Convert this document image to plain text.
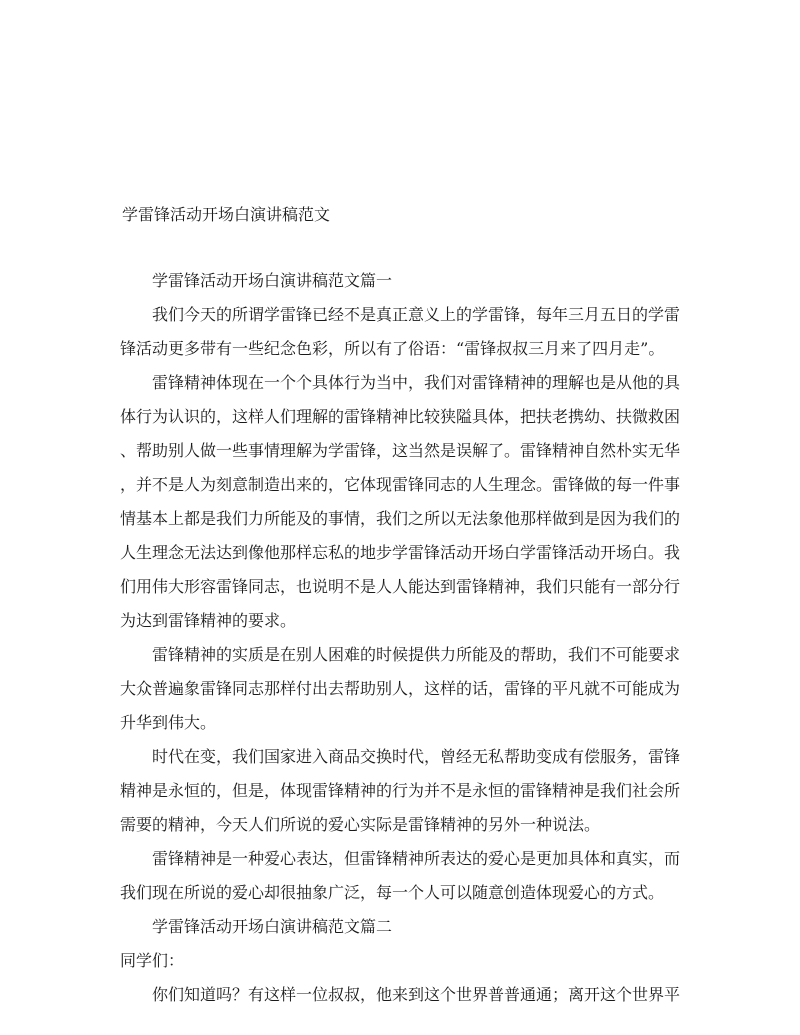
学雷锋活动开场白演讲稿范文
学雷锋活动开场白演讲稿范文篇一
我们今天的所谓学雷锋已经不是真正意义上的学雷锋，每年三月五日的学雷
锋活动更多带有一些纪念色彩，所以有了俗语：“雷锋叔叔三月来了四月走”。
雷锋精神体现在一个个具体行为当中，我们对雷锋精神的理解也是从他的具
体行为认识的，这样人们理解的雷锋精神比较狭隘具体，把扶老携幼、扶微救困
、帮助别人做一些事情理解为学雷锋，这当然是误解了。雷锋精神自然朴实无华
，并不是人为刻意制造出来的，它体现雷锋同志的人生理念。雷锋做的每一件事
情基本上都是我们力所能及的事情，我们之所以无法象他那样做到是因为我们的
人生理念无法达到像他那样忘私的地步学雷锋活动开场白学雷锋活动开场白。我
们用伟大形容雷锋同志，也说明不是人人能达到雷锋精神，我们只能有一部分行
为达到雷锋精神的要求。
雷锋精神的实质是在别人困难的时候提供力所能及的帮助，我们不可能要求
大众普遍象雷锋同志那样付出去帮助别人，这样的话，雷锋的平凡就不可能成为
升华到伟大。
时代在变，我们国家进入商品交换时代，曾经无私帮助变成有偿服务，雷锋
精神是永恒的，但是，体现雷锋精神的行为并不是永恒的雷锋精神是我们社会所
需要的精神，今天人们所说的爱心实际是雷锋精神的另外一种说法。
雷锋精神是一种爱心表达，但雷锋精神所表达的爱心是更加具体和真实，而
我们现在所说的爱心却很抽象广泛，每一个人可以随意创造体现爱心的方式。
学雷锋活动开场白演讲稿范文篇二
同学们：
你们知道吗？有这样一位叔叔，他来到这个世界普普通通；离开这个世界平
